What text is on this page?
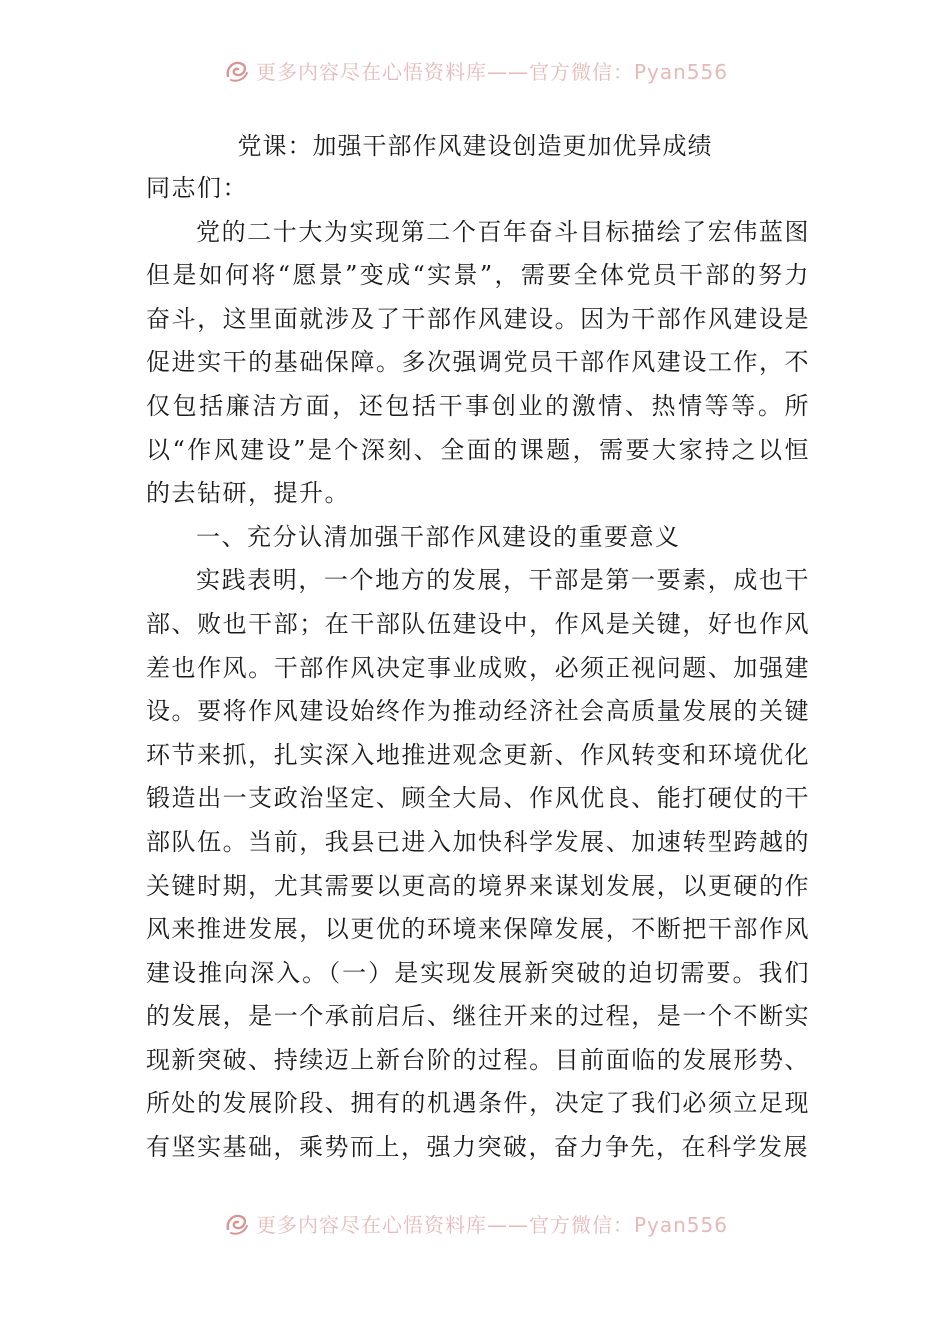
更多内容尽在心悟资料库——官方微信：Pyan556
党课：加强干部作风建设创造更加优异成绩

同志们：

党的二十大为实现第二个百年奋斗目标描绘了宏伟蓝图但是如何将“愿景”变成“实景”，需要全体党员干部的努力奋斗，这里面就涉及了干部作风建设。因为干部作风建设是促进实干的基础保障。多次强调党员干部作风建设工作，不仅包括廉洁方面，还包括干事创业的激情、热情等等。所以“作风建设”是个深刻、全面的课题，需要大家持之以恒的去钻研，提升。

一、充分认清加强干部作风建设的重要意义

实践表明，一个地方的发展，干部是第一要素，成也干部、败也干部；在干部队伍建设中，作风是关键，好也作风差也作风。干部作风决定事业成败，必须正视问题、加强建设。要将作风建设始终作为推动经济社会高质量发展的关键环节来抓，扎实深入地推进观念更新、作风转变和环境优化锻造出一支政治坚定、顾全大局、作风优良、能打硬仗的干部队伍。当前，我县已进入加快科学发展、加速转型跨越的关键时期，尤其需要以更高的境界来谋划发展，以更硬的作风来推进发展，以更优的环境来保障发展，不断把干部作风建设推向深入。（一）是实现发展新突破的迫切需要。我们的发展，是一个承前启后、继往开来的过程，是一个不断实现新突破、持续迈上新台阶的过程。目前面临的发展形势、所处的发展阶段、拥有的机遇条件，决定了我们必须立足现有坚实基础，乘势而上，强力突破，奋力争先，在科学发展

更多内容尽在心悟资料库——官方微信：Pyan556
